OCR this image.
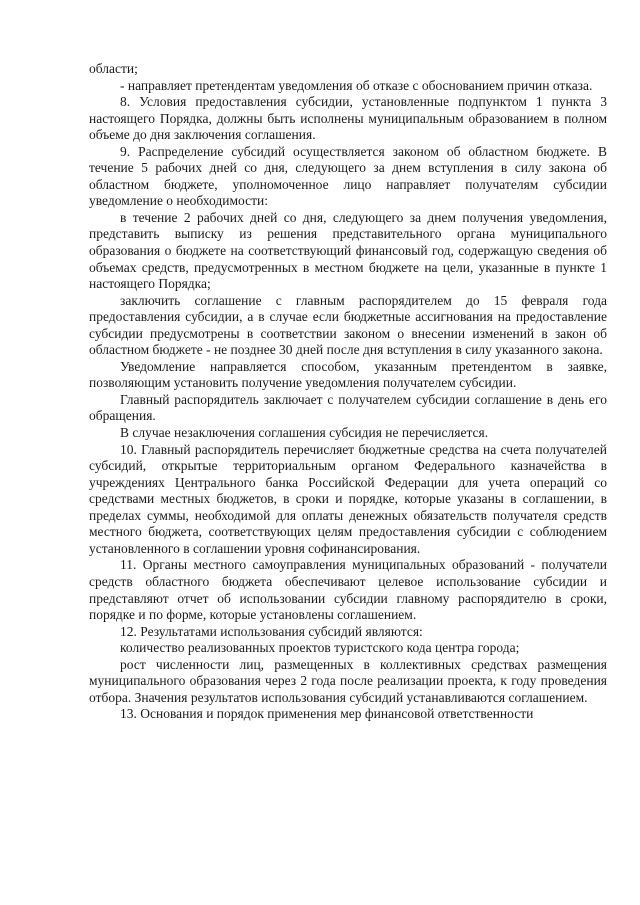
области;

- направляет претендентам уведомления об отказе с обоснованием причин отказа.

8. Условия предоставления субсидии, установленные подпунктом 1 пункта 3 настоящего Порядка, должны быть исполнены муниципальным образованием в полном объеме до дня заключения соглашения.

9. Распределение субсидий осуществляется законом об областном бюджете. В течение 5 рабочих дней со дня, следующего за днем вступления в силу закона об областном бюджете, уполномоченное лицо направляет получателям субсидии уведомление о необходимости:

в течение 2 рабочих дней со дня, следующего за днем получения уведомления, представить выписку из решения представительного органа муниципального образования о бюджете на соответствующий финансовый год, содержащую сведения об объемах средств, предусмотренных в местном бюджете на цели, указанные в пункте 1 настоящего Порядка;

заключить соглашение с главным распорядителем до 15 февраля года предоставления субсидии, а в случае если бюджетные ассигнования на предоставление субсидии предусмотрены в соответствии законом о внесении изменений в закон об областном бюджете - не позднее 30 дней после дня вступления в силу указанного закона.

Уведомление направляется способом, указанным претендентом в заявке, позволяющим установить получение уведомления получателем субсидии.

Главный распорядитель заключает с получателем субсидии соглашение в день его обращения.

В случае незаключения соглашения субсидия не перечисляется.

10. Главный распорядитель перечисляет бюджетные средства на счета получателей субсидий, открытые территориальным органом Федерального казначейства в учреждениях Центрального банка Российской Федерации для учета операций со средствами местных бюджетов, в сроки и порядке, которые указаны в соглашении, в пределах суммы, необходимой для оплаты денежных обязательств получателя средств местного бюджета, соответствующих целям предоставления субсидии с соблюдением установленного в соглашении уровня софинансирования.

11. Органы местного самоуправления муниципальных образований - получатели средств областного бюджета обеспечивают целевое использование субсидии и представляют отчет об использовании субсидии главному распорядителю в сроки, порядке и по форме, которые установлены соглашением.

12. Результатами использования субсидий являются:

количество реализованных проектов туристского кода центра города;

рост численности лиц, размещенных в коллективных средствах размещения муниципального образования через 2 года после реализации проекта, к году проведения отбора. Значения результатов использования субсидий устанавливаются соглашением.

13. Основания и порядок применения мер финансовой ответственности
